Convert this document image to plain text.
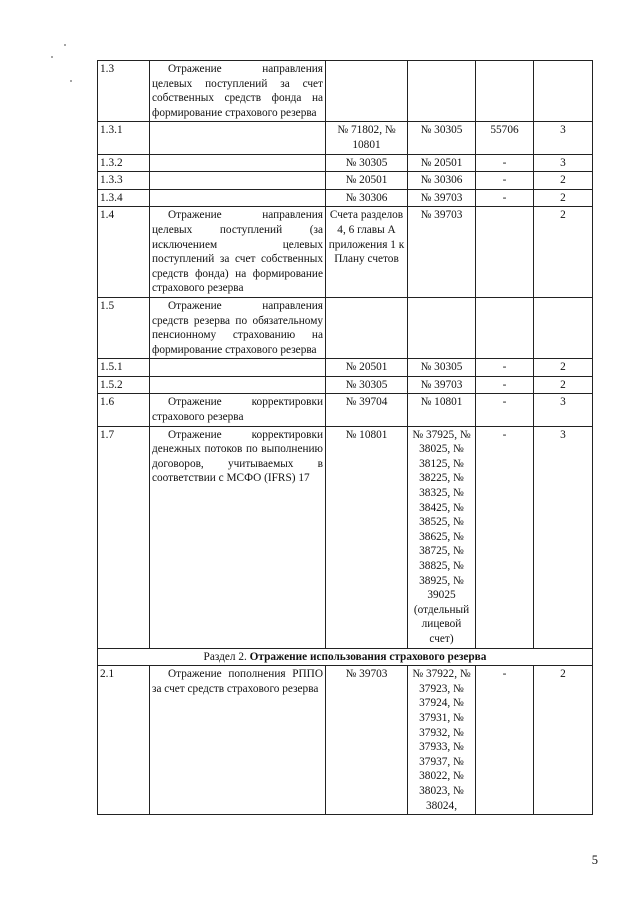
1.3	Отражение направления целевых поступлений за счет собственных средств фонда на формирование страхового резерва				
1.3.1		№ 71802, № 10801	№ 30305	55706	3
1.3.2		№ 30305	№ 20501	-	3
1.3.3		№ 20501	№ 30306	-	2
1.3.4		№ 30306	№ 39703	-	2
1.4	Отражение направления целевых поступлений (за исключением целевых поступлений за счет собственных средств фонда) на формирование страхового резерва	Счета разделов 4, 6 главы А приложения 1 к Плану счетов	№ 39703		2
1.5	Отражение направления средств резерва по обязательному пенсионному страхованию на формирование страхового резерва				
1.5.1		№ 20501	№ 30305	-	2
1.5.2		№ 30305	№ 39703	-	2
1.6	Отражение корректировки страхового резерва	№ 39704	№ 10801	-	3
1.7	Отражение корректировки денежных потоков по выполнению договоров, учитываемых в соответствии с МСФО (IFRS) 17	№ 10801	№ 37925, № 38025, № 38125, № 38225, № 38325, № 38425, № 38525, № 38625, № 38725, № 38825, № 38925, № 39025 (отдельный лицевой счет)	-	3
Раздел 2. Отражение использования страхового резерва					
2.1	Отражение пополнения РППО за счет средств страхового резерва	№ 39703	№ 37922, № 37923, № 37924, № 37931, № 37932, № 37933, № 37937, № 38022, № 38023, № 38024,	-	2
5
